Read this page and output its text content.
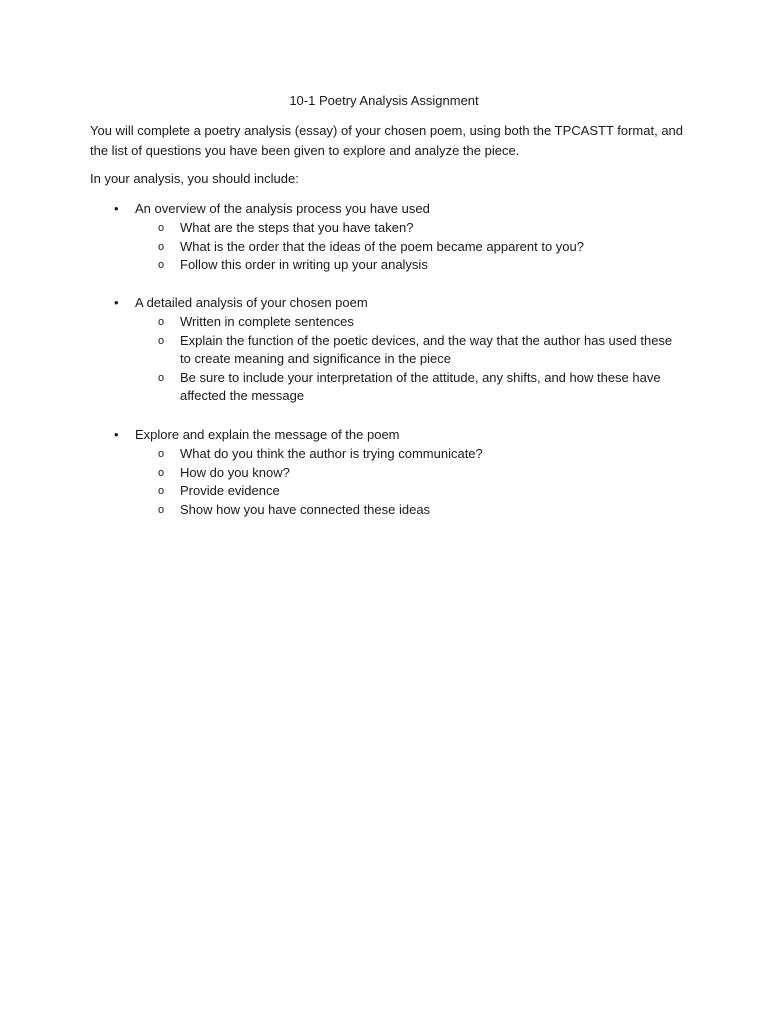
10-1 Poetry Analysis Assignment

You will complete a poetry analysis (essay) of your chosen poem, using both the TPCASTT format, and the list of questions you have been given to explore and analyze the piece.

In your analysis, you should include:

• An overview of the analysis process you have used
o What are the steps that you have taken?
o What is the order that the ideas of the poem became apparent to you?
o Follow this order in writing up your analysis
• A detailed analysis of your chosen poem
o Written in complete sentences
o Explain the function of the poetic devices, and the way that the author has used these to create meaning and significance in the piece
o Be sure to include your interpretation of the attitude, any shifts, and how these have affected the message
• Explore and explain the message of the poem
o What do you think the author is trying communicate?
o How do you know?
o Provide evidence
o Show how you have connected these ideas
